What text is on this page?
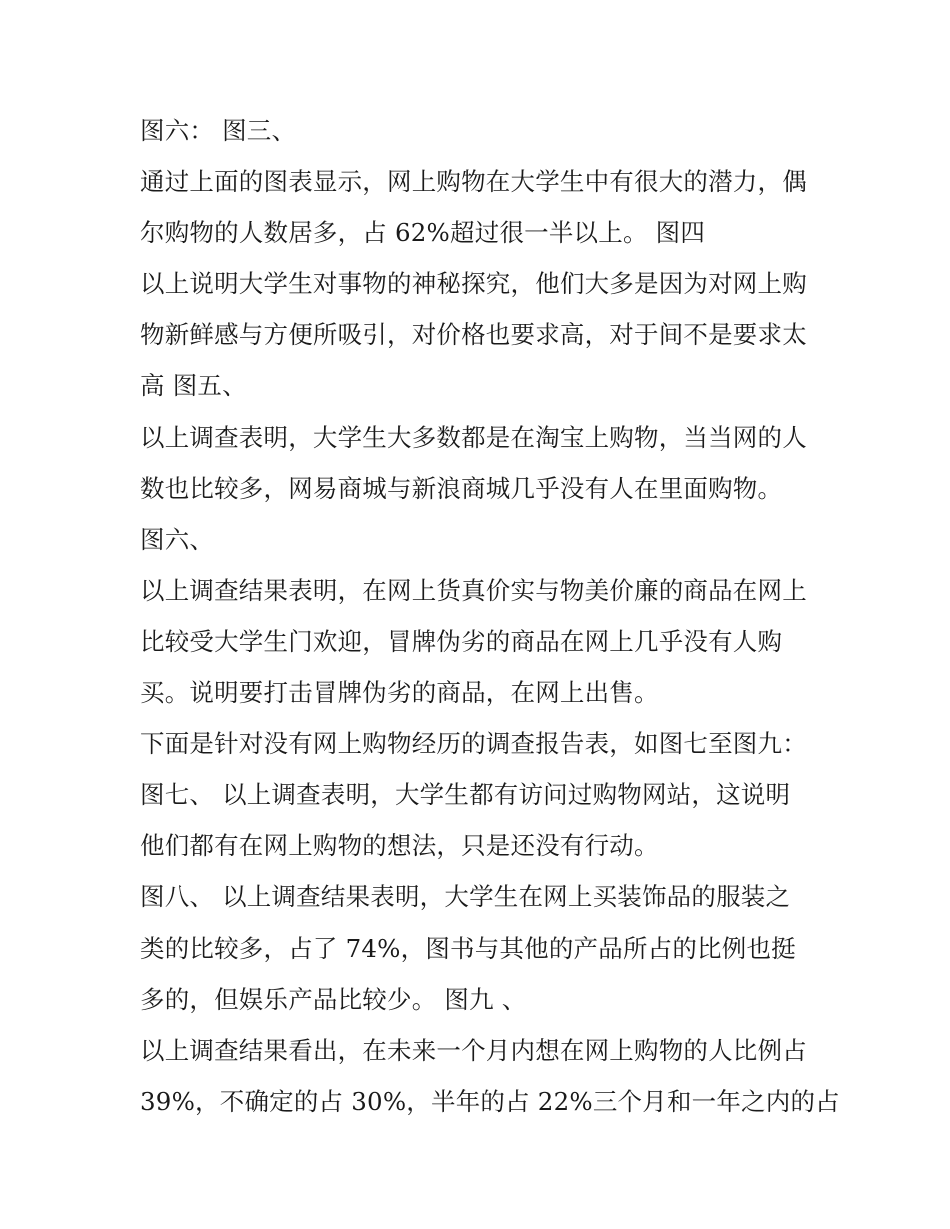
图六： 图三、
通过上面的图表显示，网上购物在大学生中有很大的潜力，偶
尔购物的人数居多，占 62%超过很一半以上。 图四
以上说明大学生对事物的神秘探究，他们大多是因为对网上购
物新鲜感与方便所吸引，对价格也要求高，对于间不是要求太
高 图五、
以上调查表明，大学生大多数都是在淘宝上购物，当当网的人
数也比较多，网易商城与新浪商城几乎没有人在里面购物。
图六、
以上调查结果表明，在网上货真价实与物美价廉的商品在网上
比较受大学生门欢迎，冒牌伪劣的商品在网上几乎没有人购
买。说明要打击冒牌伪劣的商品，在网上出售。
下面是针对没有网上购物经历的调查报告表，如图七至图九：
图七、 以上调查表明，大学生都有访问过购物网站，这说明
他们都有在网上购物的想法，只是还没有行动。
图八、 以上调查结果表明，大学生在网上买装饰品的服装之
类的比较多，占了 74%，图书与其他的产品所占的比例也挺
多的，但娱乐产品比较少。 图九 、
以上调查结果看出，在未来一个月内想在网上购物的人比例占
39%，不确定的占 30%，半年的占 22%三个月和一年之内的占
